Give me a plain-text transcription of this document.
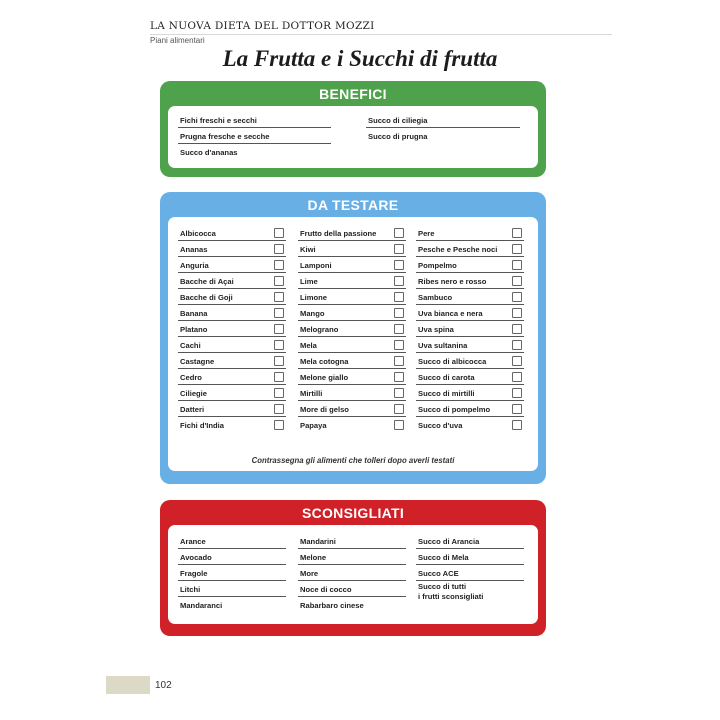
LA NUOVA DIETA DEL DOTTOR MOZZI
Piani alimentari
La Frutta e i Succhi di frutta
BENEFICI
Fichi freschi e secchi
Prugna fresche e secche
Succo d'ananas
Succo di ciliegia
Succo di prugna
DA TESTARE
Albicocca
Ananas
Anguria
Bacche di Açai
Bacche di Goji
Banana
Platano
Cachi
Castagne
Cedro
Ciliegie
Datteri
Fichi d'India
Frutto della passione
Kiwi
Lamponi
Lime
Limone
Mango
Melograno
Mela
Mela cotogna
Melone giallo
Mirtilli
More di gelso
Papaya
Pere
Pesche e Pesche noci
Pompelmo
Ribes nero e rosso
Sambuco
Uva bianca e nera
Uva spina
Uva sultanina
Succo di albicocca
Succo di carota
Succo di mirtilli
Succo di pompelmo
Succo d'uva
Contrassegna gli alimenti che tolleri dopo averli testati
SCONSIGLIATI
Arance
Avocado
Fragole
Litchi
Mandaranci
Mandarini
Melone
More
Noce di cocco
Rabarbaro cinese
Succo di Arancia
Succo di Mela
Succo ACE
Succo di tutti
i frutti sconsigliati
102
